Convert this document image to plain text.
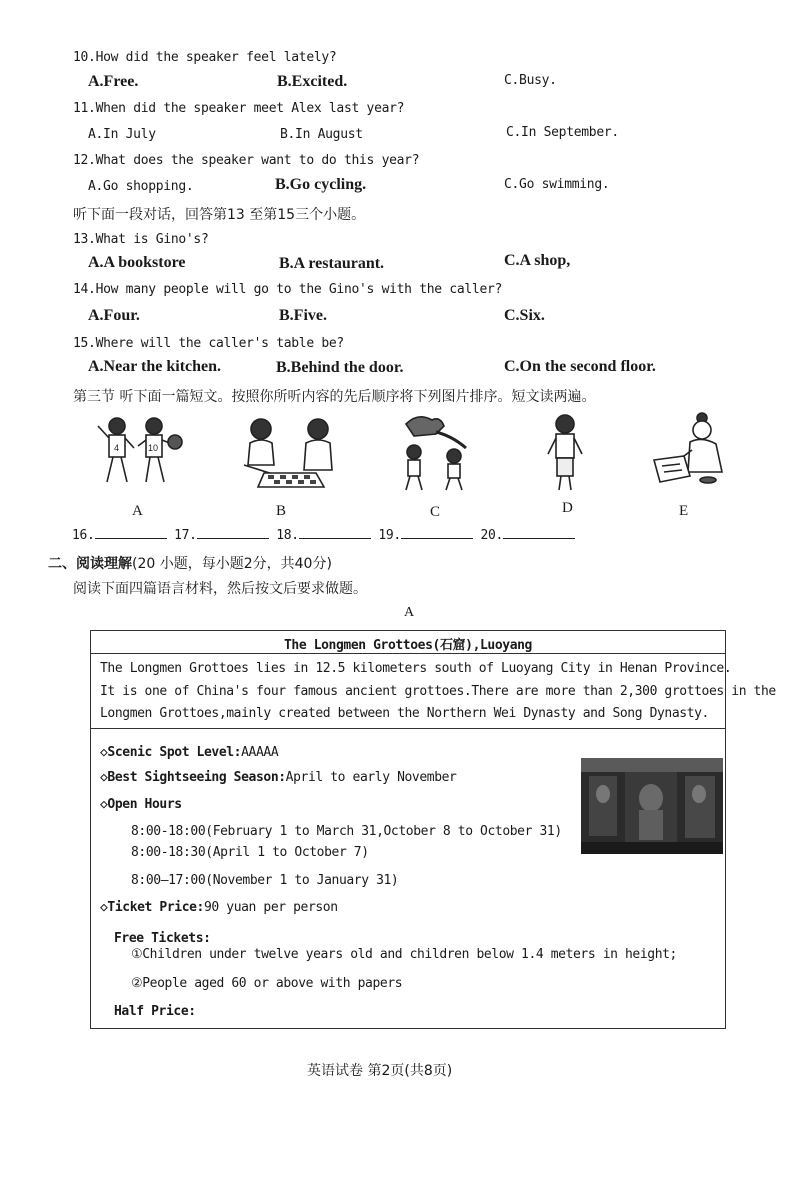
10.How did the speaker feel lately?
A.Free.	B.Excited.	C.Busy.
11.When did the speaker meet Alex last year?
A.In July	B.In August	C.In September.
12.What does the speaker want to do this year?
A.Go shopping.	B.Go cycling.	C.Go swimming.
听下面一段对话，回答第13 至第15三个小题。
13.What is Gino's?
A.A bookstore	B.A restaurant.	C.A shop,
14.How many people will go to the Gino's with the caller?
A.Four.	B.Five.	C.Six.
15.Where will the caller's table be?
A.Near the kitchen.	B.Behind the door.	C.On the second floor.
第三节 听下面一篇短文。按照你所听内容的先后顺序将下列图片排序。短文读两遍。
4	10
A	B	C	D	E
16.	17.	18.	19.	20.
二、阅读理解(20 小题，每小题2分，共40分)
阅读下面四篇语言材料，然后按文后要求做题。
A
The Longmen Grottoes(石窟),Luoyang
The Longmen Grottoes lies in 12.5 kilometers south of Luoyang City in Henan Province.
It is one of China's four famous ancient grottoes.There are more than 2,300 grottoes in the
Longmen Grottoes,mainly created between the Northern Wei Dynasty and Song Dynasty.
◇Scenic Spot Level:AAAAA
◇Best Sightseeing Season:April to early November
◇Open Hours
8:00-18:00(February 1 to March 31,October 8 to October 31)
8:00-18:30(April 1 to October 7)
8:00—17:00(November 1 to January 31)
◇Ticket Price:90 yuan per person
Free Tickets:
①Children under twelve years old and children below 1.4 meters in height;
②People aged 60 or above with papers
Half Price:
英语试卷 第2页(共8页)
